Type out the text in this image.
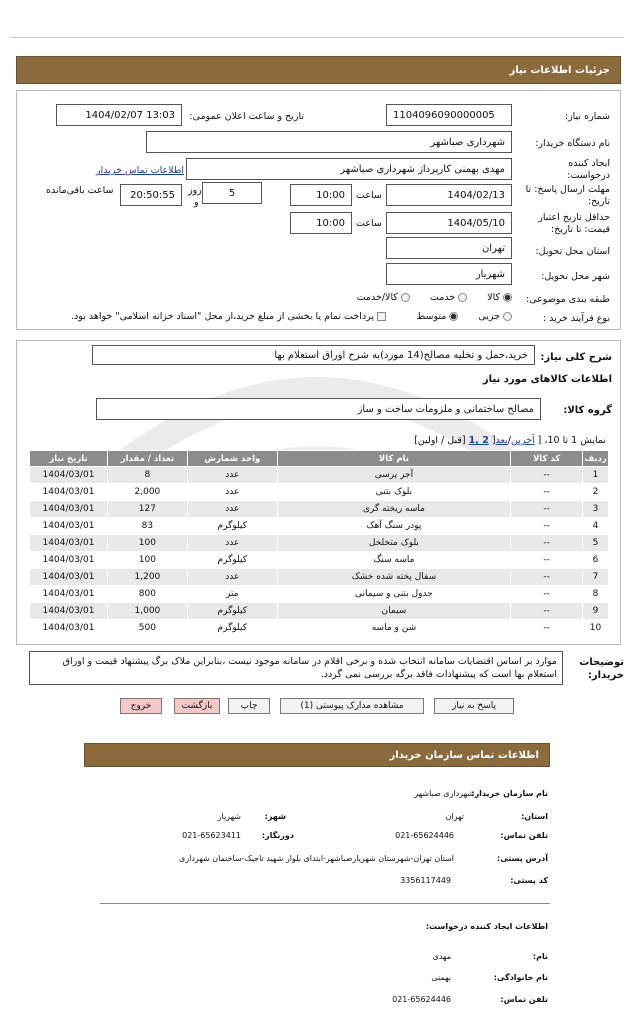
جزئیات اطلاعات نیاز
شماره نیاز:
1104096090000005
تاریخ و ساعت اعلان عمومی:
1404/02/07 13:03
نام دستگاه خریدار:
شهرداری صباشهر
ایجاد کننده درخواست:
مهدی بهمنی کارپرداز شهرداری صباشهر
اطلاعات تماس خریدار
مهلت ارسال پاسخ: تا تاریخ:
1404/02/13
ساعت
10:00
5
روز
و
20:50:55
ساعت باقی‌مانده
حداقل تاریخ اعتبار قیمت: تا تاریخ:
1404/05/10
ساعت
10:00
استان محل تحویل:
تهران
شهر محل تحویل:
شهریار
طبقه بندی موضوعی:
کالا
خدمت
کالا/خدمت
نوع فرآیند خرید :
جزیی
متوسط
پرداخت تمام یا بخشی از مبلغ خرید،از محل "اسناد خزانه اسلامی" خواهد بود.
شرح کلی نیاز:
خرید،حمل و تخلیه مصالح(14 مورد)به شرح اوراق استعلام بها
اطلاعات کالاهای مورد نیاز
گروه کالا:
مصالح ساختمانی و ملزومات ساخت و ساز
نمایش 1 تا 10، [ آخرین/بعد[ 2 ,1 [قبل / اولین]
ردیف	کد کالا	نام کالا	واحد شمارش	تعداد / مقدار	تاریخ نیاز
1	--	آجر پرسی	عدد	8	1404/03/01
2	--	بلوک بتنی	عدد	2,000	1404/03/01
3	--	ماسه ریخته گری	عدد	127	1404/03/01
4	--	پودر سنگ آهک	کیلوگرم	83	1404/03/01
5	--	بلوک متخلخل	عدد	100	1404/03/01
6	--	ماسه سنگ	کیلوگرم	100	1404/03/01
7	--	سفال پخته شده خشک	عدد	1,200	1404/03/01
8	--	جدول بتنی و سیمانی	متر	800	1404/03/01
9	--	سیمان	کیلوگرم	1,000	1404/03/01
10	--	شن و ماسه	کیلوگرم	500	1404/03/01
توضیحات خریدار:
موارد بر اساس اقتضایات سامانه انتخاب شده و برخی اقلام در سامانه موجود نیست ،بنابراین ملاک برگ پیشنهاد قیمت و اوراق استعلام بها است که پیشنهادات فاقد برگه بررسی نمی گردد.
پاسخ به نیاز
مشاهده مدارک پیوستی (1)
چاپ
بازگشت
خروج
اطلاعات تماس سازمان خریدار
نام سازمان خریدار:
شهرداری صباشهر
استان:
تهران
شهر:
شهریار
تلفن تماس:
021-65624446
دورنگار:
021-65623411
آدرس پستی:
استان تهران-شهرستان شهریارصباشهر-ابتدای بلوار شهید تاجیک-ساختمان شهرداری
کد پستی:
3356117449
اطلاعات ایجاد کننده درخواست:
نام:
مهدی
نام خانوادگی:
بهمنی
تلفن تماس:
021-65624446
